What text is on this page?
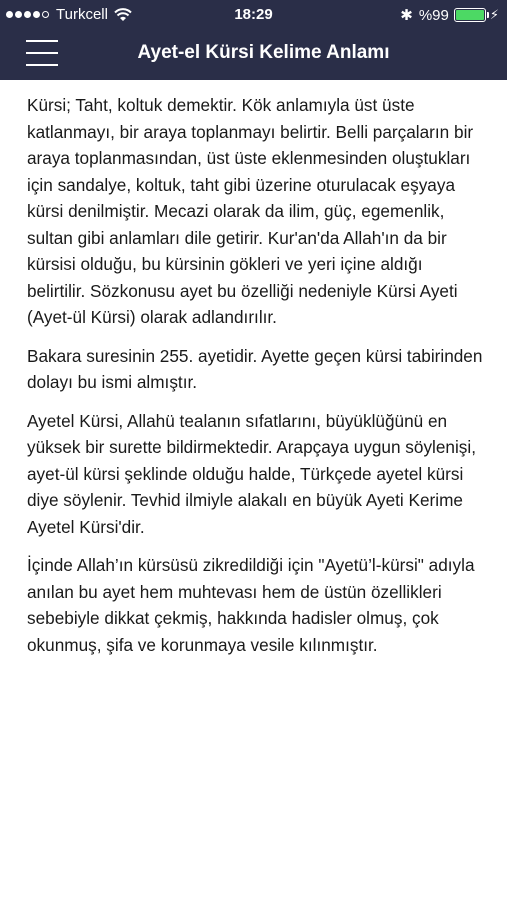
Turkcell	18:29	✱ %99	⚡
Ayet-el Kürsi Kelime Anlamı

Kürsi; Taht, koltuk demektir. Kök anlamıyla üst üste katlanmayı, bir araya toplanmayı belirtir. Belli parçaların bir araya toplanmasından, üst üste eklenmesinden oluştukları için sandalye, koltuk, taht gibi üzerine oturulacak eşyaya kürsi denilmiştir. Mecazi olarak da ilim, güç, egemenlik, sultan gibi anlamları dile getirir. Kur'an'da Allah'ın da bir kürsisi olduğu, bu kürsinin gökleri ve yeri içine aldığı belirtilir. Sözkonusu ayet bu özelliği nedeniyle Kürsi Ayeti (Ayet-ül Kürsi) olarak adlandırılır.

Bakara suresinin 255. ayetidir. Ayette geçen kürsi tabirinden dolayı bu ismi almıştır.

Ayetel Kürsi, Allahü tealanın sıfatlarını, büyüklüğünü en yüksek bir surette bildirmektedir. Arapçaya uygun söylenişi, ayet-ül kürsi şeklinde olduğu halde, Türkçede ayetel kürsi diye söylenir. Tevhid ilmiyle alakalı en büyük Ayeti Kerime Ayetel Kürsi'dir.

İçinde Allah’ın kürsüsü zikredildiği için "Ayetü’l-kürsi" adıyla anılan bu ayet hem muhtevası hem de üstün özellikleri sebebiyle dikkat çekmiş, hakkında hadisler olmuş, çok okunmuş, şifa ve korunmaya vesile kılınmıştır.
